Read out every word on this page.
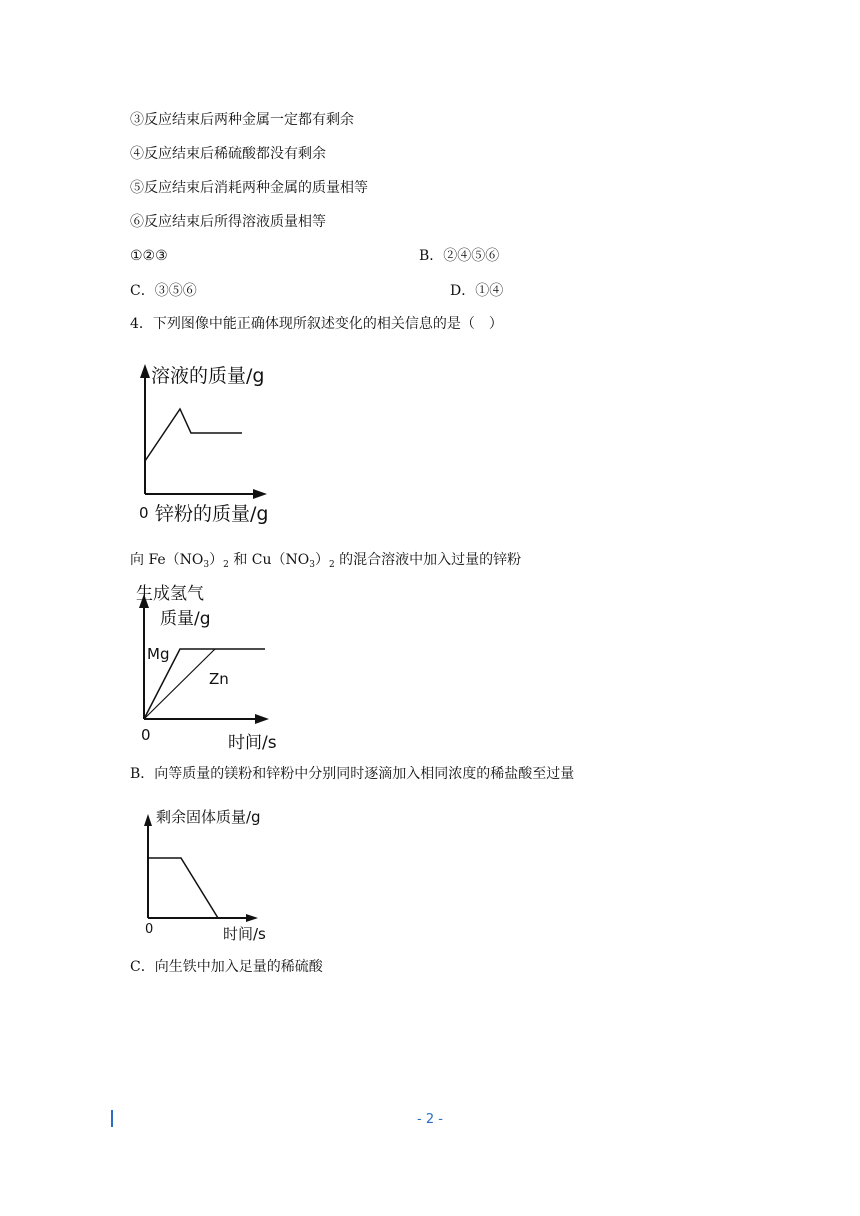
③反应结束后两种金属一定都有剩余
④反应结束后稀硫酸都没有剩余
⑤反应结束后消耗两种金属的质量相等
⑥反应结束后所得溶液质量相等
①②③	B．②④⑤⑥
C．③⑤⑥	D．①④
4．下列图像中能正确体现所叙述变化的相关信息的是（　）
溶液的质量/g
0 锌粉的质量/g
向 $Fe(NO_3)_2$ 和 $Cu(NO_3)_2$ 的混合溶液中加入过量的锌粉
生成氢气
质量/g
Mg
Zn
0	时间/s
B．向等质量的镁粉和锌粉中分别同时逐滴加入相同浓度的稀盐酸至过量
剩余固体质量/g
0	时间/s
C．向生铁中加入足量的稀硫酸
- 2 -
